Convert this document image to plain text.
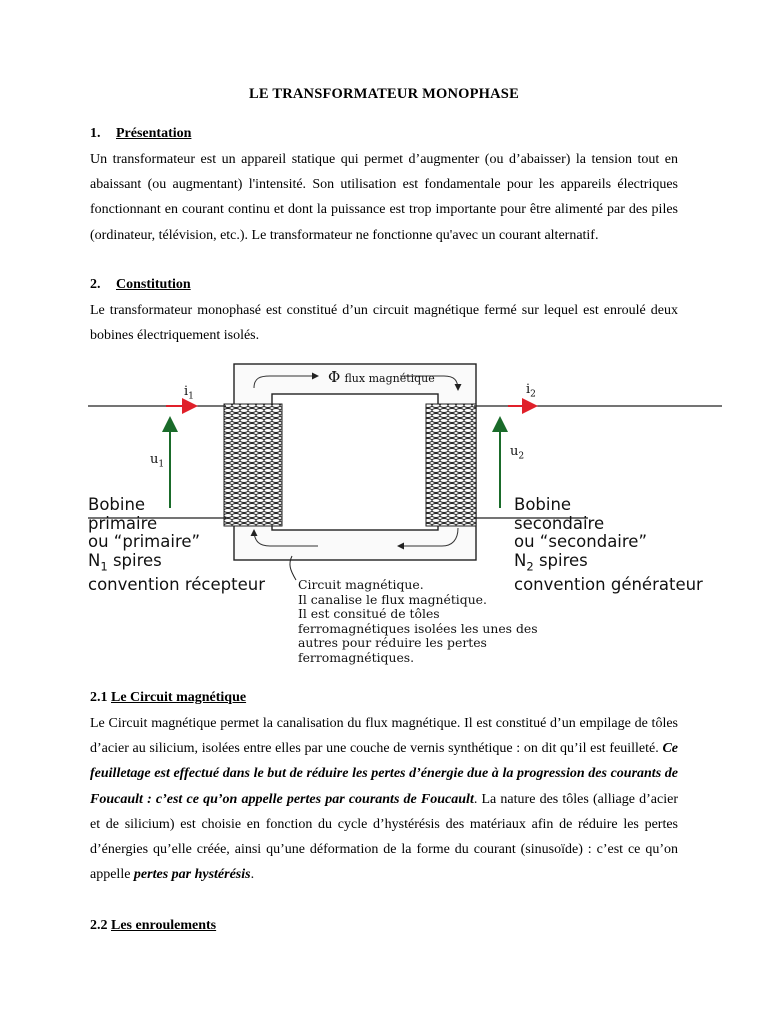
LE TRANSFORMATEUR MONOPHASE
1. Présentation
Un transformateur est un appareil statique qui permet d’augmenter (ou d’abaisser) la tension tout en abaissant (ou augmentant) l'intensité. Son utilisation est fondamentale pour les appareils électriques fonctionnant en courant continu et dont la puissance est trop importante pour être alimenté par des piles (ordinateur, télévision, etc.). Le transformateur ne fonctionne qu'avec un courant alternatif.
2. Constitution
Le transformateur monophasé est constitué d’un circuit magnétique fermé sur lequel est enroulé deux bobines électriquement isolés.
Φ flux magnétique
$i_1$	$i_2$
$u_1$
$u_2$
Bobine
primaire
ou “primaire”
$N_1$ spires
convention récepteur
Bobine
secondaire
ou “secondaire”
$N_2$ spires
convention générateur
Circuit magnétique.
Il canalise le flux magnétique.
Il est consitué de tôles
ferromagnétiques isolées les unes des
autres pour réduire les pertes
ferromagnétiques.
2.1 Le Circuit magnétique
Le Circuit magnétique permet la canalisation du flux magnétique. Il est constitué d’un empilage de tôles d’acier au silicium, isolées entre elles par une couche de vernis synthétique : on dit qu’il est feuilleté. Ce feuilletage est effectué dans le but de réduire les pertes d’énergie due à la progression des courants de Foucault : c’est ce qu’on appelle pertes par courants de Foucault. La nature des tôles (alliage d’acier et de silicium) est choisie en fonction du cycle d’hystérésis des matériaux afin de réduire les pertes d’énergies qu’elle créée, ainsi qu’une déformation de la forme du courant (sinusoïde) : c’est ce qu’on appelle pertes par hystérésis.
2.2 Les enroulements
